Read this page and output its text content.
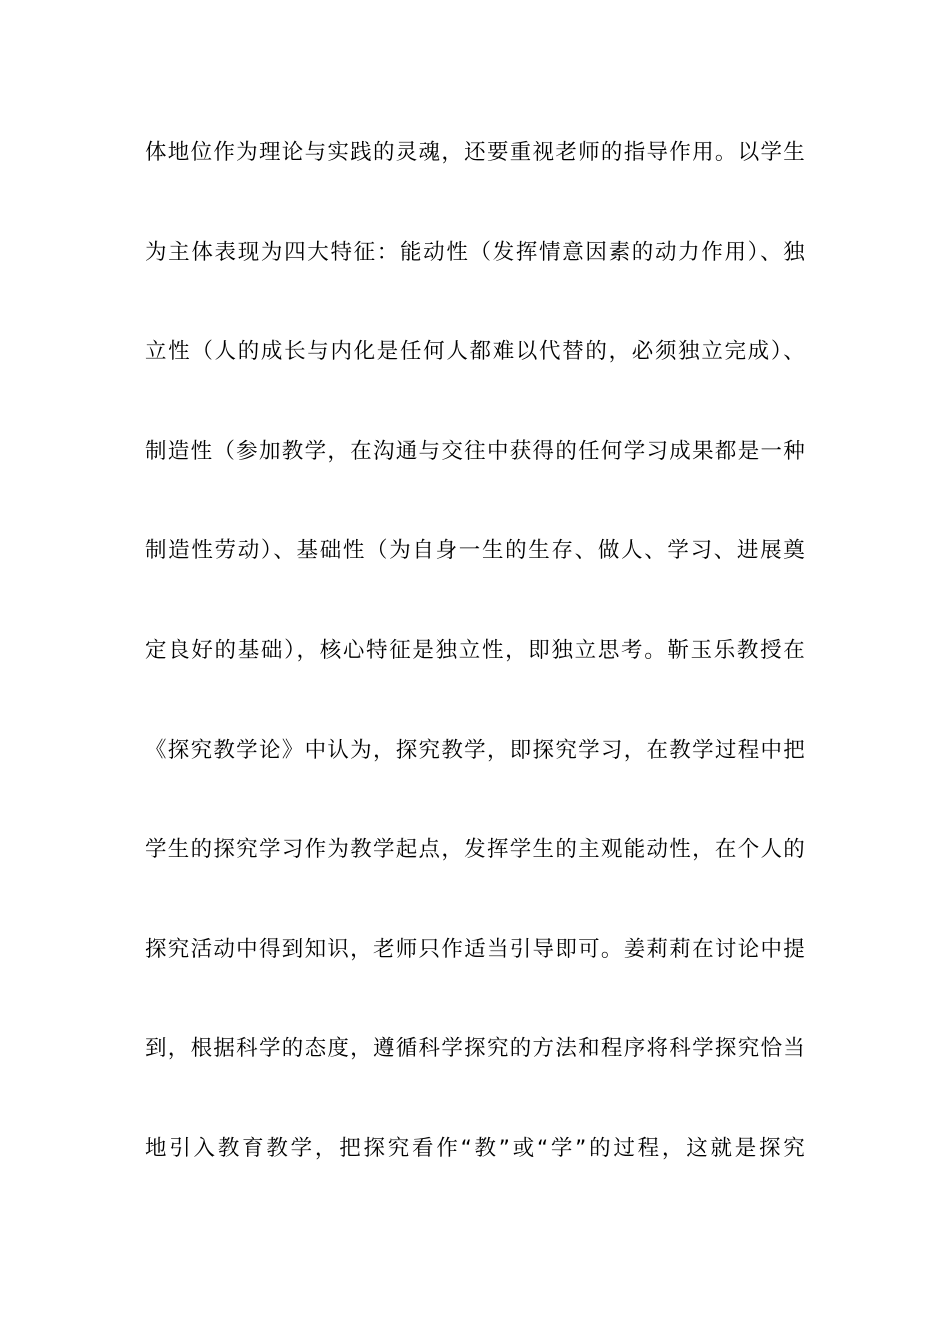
体地位作为理论与实践的灵魂，还要重视老师的指导作用。以学生
为主体表现为四大特征：能动性（发挥情意因素的动力作用）、独
立性（人的成长与内化是任何人都难以代替的，必须独立完成）、
制造性（参加教学，在沟通与交往中获得的任何学习成果都是一种
制造性劳动）、基础性（为自身一生的生存、做人、学习、进展奠
定良好的基础），核心特征是独立性，即独立思考。靳玉乐教授在
《探究教学论》中认为，探究教学，即探究学习，在教学过程中把
学生的探究学习作为教学起点，发挥学生的主观能动性，在个人的
探究活动中得到知识，老师只作适当引导即可。姜莉莉在讨论中提
到，根据科学的态度，遵循科学探究的方法和程序将科学探究恰当
地引入教育教学，把探究看作“教”或“学”的过程，这就是探究
